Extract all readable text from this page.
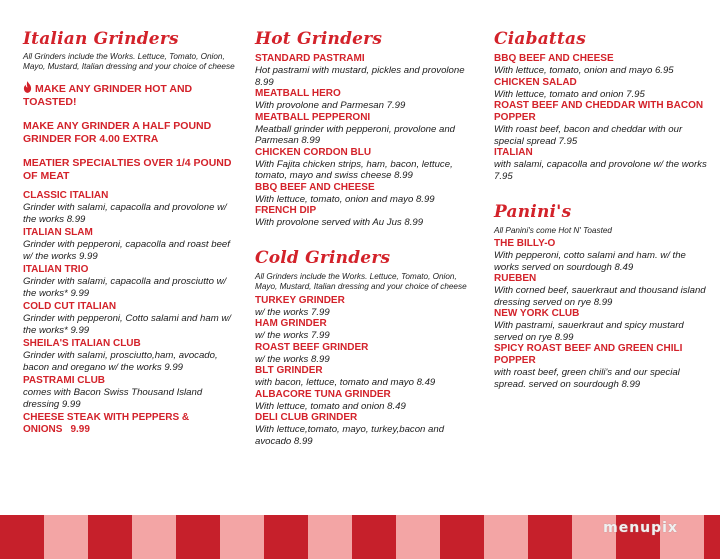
Italian Grinders
All Grinders include the Works. Lettuce, Tomato, Onion, Mayo, Mustard, Italian dressing and your choice of cheese
MAKE ANY GRINDER HOT AND TOASTED!
MAKE ANY GRINDER A HALF POUND GRINDER FOR 4.00 EXTRA
MEATIER SPECIALTIES OVER 1/4 POUND OF MEAT
CLASSIC ITALIAN
Grinder with salami, capacolla and provolone w/ the works 8.99
ITALIAN SLAM
Grinder with pepperoni, capacolla and roast beef w/ the works 9.99
ITALIAN TRIO
Grinder with salami, capacolla and prosciutto w/ the works* 9.99
COLD CUT ITALIAN
Grinder with pepperoni, Cotto salami and ham w/ the works* 9.99
SHEILA'S ITALIAN CLUB
Grinder with salami, prosciutto,ham, avocado, bacon and oregano w/ the works 9.99
PASTRAMI CLUB
comes with Bacon Swiss Thousand Island dressing 9.99
CHEESE STEAK WITH PEPPERS & ONIONS 9.99
Hot Grinders
STANDARD PASTRAMI
Hot pastrami with mustard, pickles and provolone 8.99
MEATBALL HERO
With provolone and Parmesan 7.99
MEATBALL PEPPERONI
Meatball grinder with pepperoni, provolone and Parmesan 8.99
CHICKEN CORDON BLU
With Fajita chicken strips, ham, bacon, lettuce, tomato, mayo and swiss cheese 8.99
BBQ BEEF AND CHEESE
With lettuce, tomato, onion and mayo 8.99
FRENCH DIP
With provolone served with Au Jus 8.99
Cold Grinders
All Grinders include the Works. Lettuce, Tomato, Onion, Mayo, Mustard, Italian dressing and your choice of cheese
TURKEY GRINDER
w/ the works 7.99
HAM GRINDER
w/ the works 7.99
ROAST BEEF GRINDER
w/ the works 8.99
BLT GRINDER
with bacon, lettuce, tomato and mayo 8.49
ALBACORE TUNA GRINDER
With lettuce, tomato and onion 8.49
DELI CLUB GRINDER
With lettuce,tomato, mayo, turkey,bacon and avocado 8.99
Ciabattas
BBQ BEEF AND CHEESE
With lettuce, tomato, onion and mayo 6.95
CHICKEN SALAD
With lettuce, tomato and onion 7.95
ROAST BEEF AND CHEDDAR WITH BACON POPPER
With roast beef, bacon and cheddar with our special spread 7.95
ITALIAN
with salami, capacolla and provolone w/ the works 7.95
Panini's
All Panini's come Hot N' Toasted
THE BILLY-O
With pepperoni, cotto salami and ham. w/ the works served on sourdough 8.49
RUEBEN
With corned beef, sauerkraut and thousand island dressing served on rye 8.99
NEW YORK CLUB
With pastrami, sauerkraut and spicy mustard served on rye 8.99
SPICY ROAST BEEF AND GREEN CHILI POPPER
with roast beef, green chili's and our special spread. served on sourdough 8.99
menupix
